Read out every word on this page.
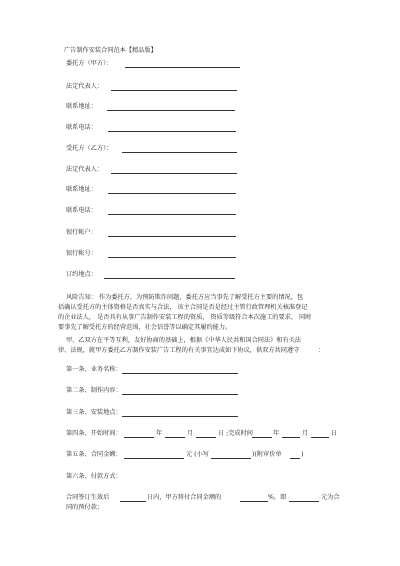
广告制作安装合同范本【精品版】
委托方（甲方）：
法定代表人：
联系地址：
联系电话：
受托方（乙方）：
法定代表人：
联系地址：
联系电话：
银行帐户：
银行帐号：
订约地点：
风险告知： 作为委托方，为预防欺诈问题，委托方应当事先了解受托方主要的情况，包
括确认受托方的主体资格是否真实与合法， 该主合同是否是经过主管行政管理机关核准登记
的企业法人， 是否具有从事广告制作安装工程的资质， 资质等级符合本次施工的要求， 同时
要事先了解受托方的经营范围，社会信誉等以确定其履约能力。
甲、乙双方在平等互利，友好协商的基础上，根据《中华人民共和国合同法》和有关法
律、法规，就甲方委托乙方制作安装广告工程的有关事宜达成如下协议，供双方共同遵守	：
第一条、业务名称：
第二条、制作内容：
第三条、安装地点：
第四条、开始时间：	年	月	日 ;完成时间	年	月	日
第五条、合同金额：	元 (小写	)(附审价单	)
第六条、付款方式：
合同签订生效后	日内，甲方将付合同金额的	%，即	元为合
同的预付款；
